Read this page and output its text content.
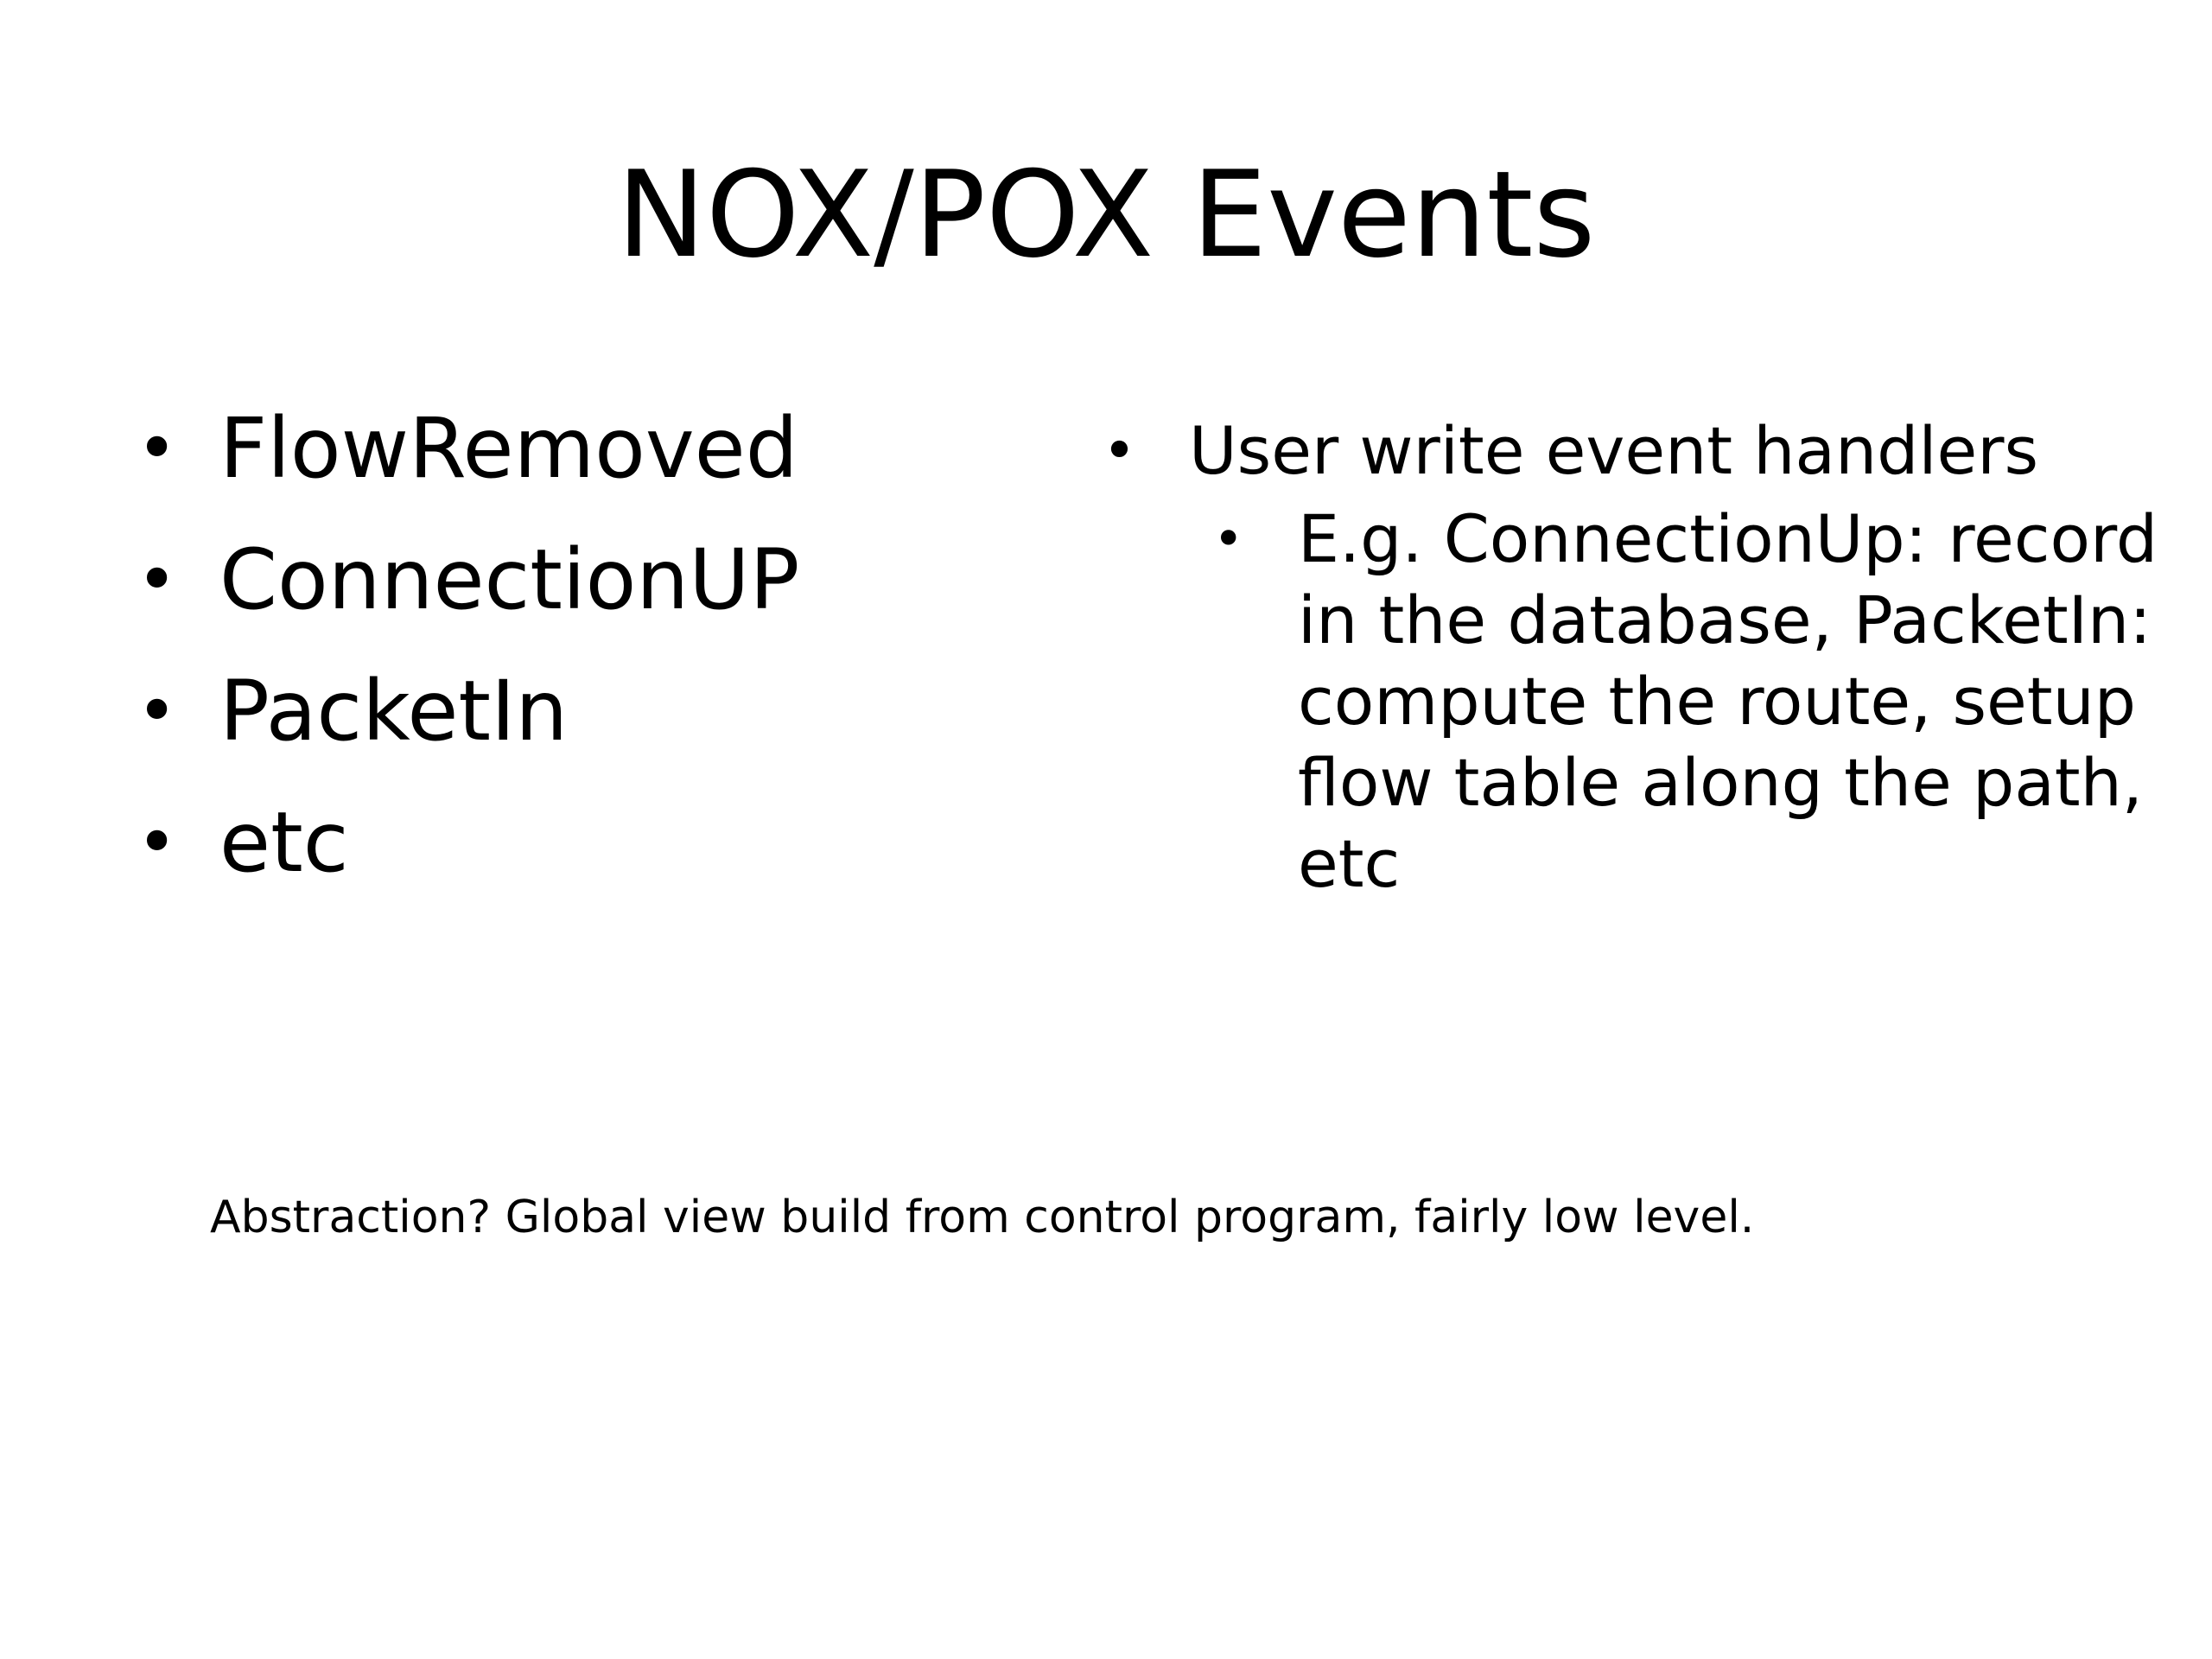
NOX/POX Events
• FlowRemoved
• ConnectionUP
• PacketIn
• etc
• User write event handlers
• E.g. ConnectionUp: record in the database, PacketIn: compute the route, setup flow table along the path, etc

Abstraction? Global view build from control program, fairly low level.
